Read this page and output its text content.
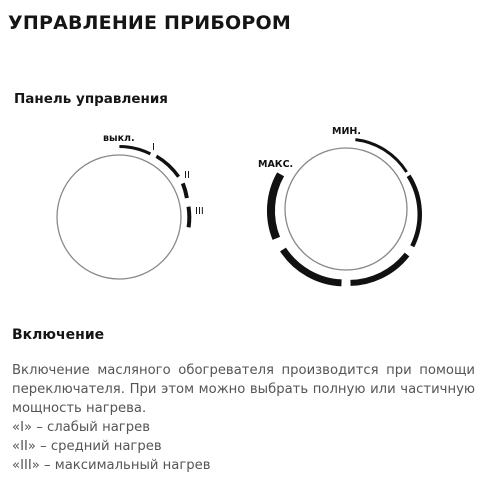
УПРАВЛЕНИЕ ПРИБОРОМ
Панель управления
выкл.
I
II
III
МИН.
МАКС.
Включение

Включение масляного обогревателя производится при помощи переключателя. При этом можно выбрать полную или частичную мощность нагрева.

«I» – слабый нагрев
«II» – средний нагрев
«III» – максимальный нагрев
